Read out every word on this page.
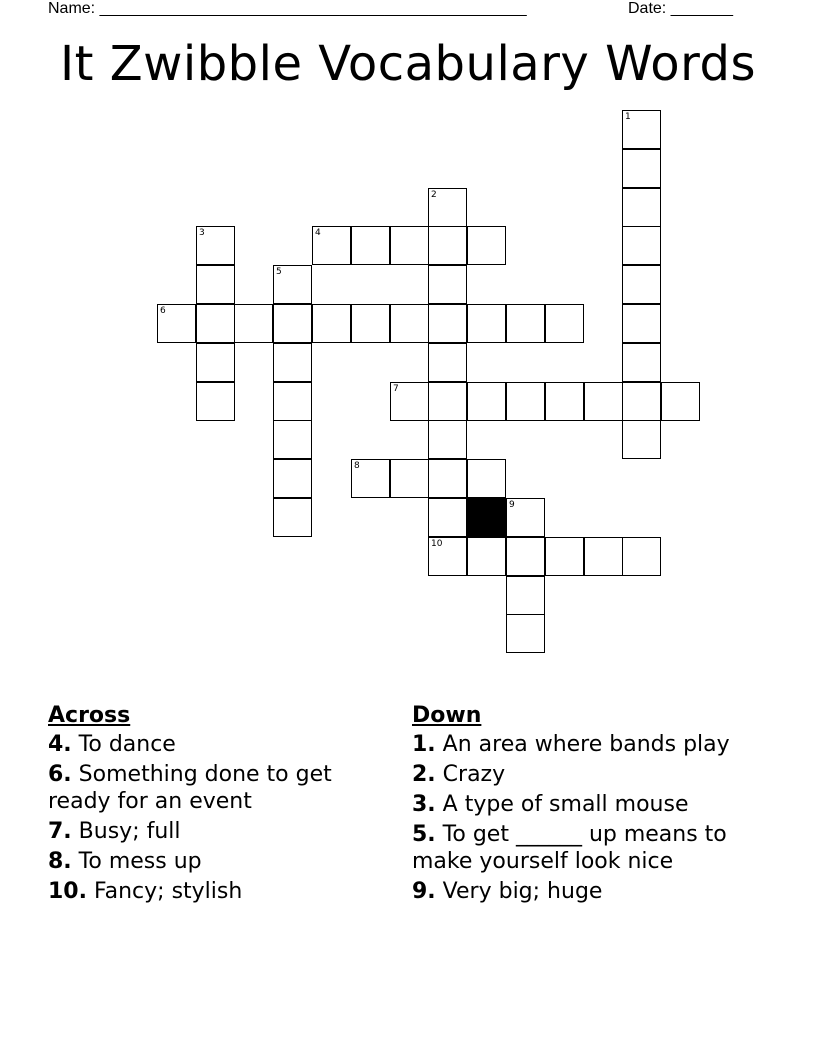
Name: ________________________________________________	Date: _______
It Zwibble Vocabulary Words
1
2
3	4
5
6
7
8
9
10
Across
4. To dance
6. Something done to get ready for an event
7. Busy; full
8. To mess up
10. Fancy; stylish
Down
1. An area where bands play
2. Crazy
3. A type of small mouse
5. To get ______ up means to make yourself look nice
9. Very big; huge
